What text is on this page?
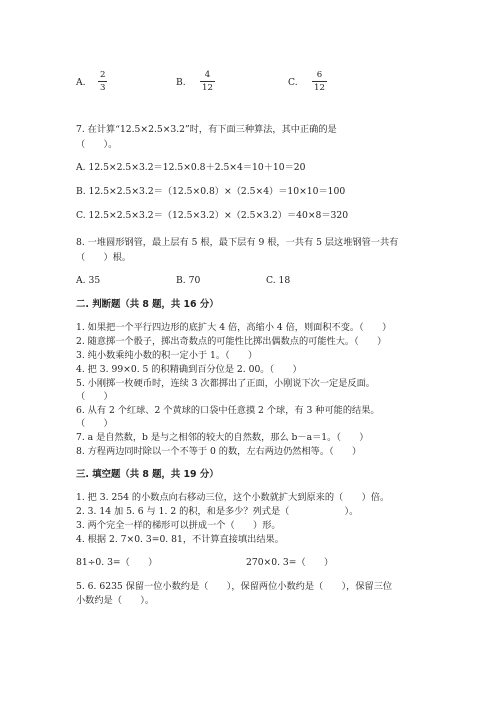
A.
2
3	B.
4
12	C.
6
12
7. 在计算“12.5×2.5×3.2”时，有下面三种算法，其中正确的是
（　　）。
A. 12.5×2.5×3.2＝12.5×0.8＋2.5×4＝10＋10＝20
B. 12.5×2.5×3.2＝（12.5×0.8）×（2.5×4）＝10×10＝100
C. 12.5×2.5×3.2＝（12.5×3.2）×（2.5×3.2）＝40×8＝320
8. 一堆圆形钢管，最上层有 5 根，最下层有 9 根，一共有 5 层这堆钢管一共有
（　　）根。
A. 35	B. 70	C. 18
二. 判断题（共 8 题，共 16 分）
1. 如果把一个平行四边形的底扩大 4 倍，高缩小 4 倍，则面积不变。（　　）
2. 随意掷一个骰子，掷出奇数点的可能性比掷出偶数点的可能性大。（　　）
3. 纯小数乘纯小数的积一定小于 1。（　　）
4. 把 3. 99×0. 5 的积精确到百分位是 2. 00。（　　）
5. 小刚掷一枚硬币时，连续 3 次都掷出了正面，小刚说下次一定是反面。
（　　）
6. 从有 2 个红球、2 个黄球的口袋中任意摸 2 个球，有 3 种可能的结果。
（　　）
7. a 是自然数，b 是与之相邻的较大的自然数，那么 b－a＝1。（　　）
8. 方程两边同时除以一个不等于 0 的数，左右两边仍然相等。（　　）
三. 填空题（共 8 题，共 19 分）
1. 把 3. 254 的小数点向右移动三位，这个小数就扩大到原来的（　　）倍。
2. 3. 14 加 5. 6 与 1. 2 的积，和是多少？列式是（　　　　　　）。
3. 两个完全一样的梯形可以拼成一个（　　）形。
4. 根据 2. 7×0. 3=0. 81，不计算直接填出结果。
81÷0. 3=（　　）	270×0. 3=（　　）
5. 6. 6235 保留一位小数约是（　　），保留两位小数约是（　　），保留三位
小数约是（　　）。
